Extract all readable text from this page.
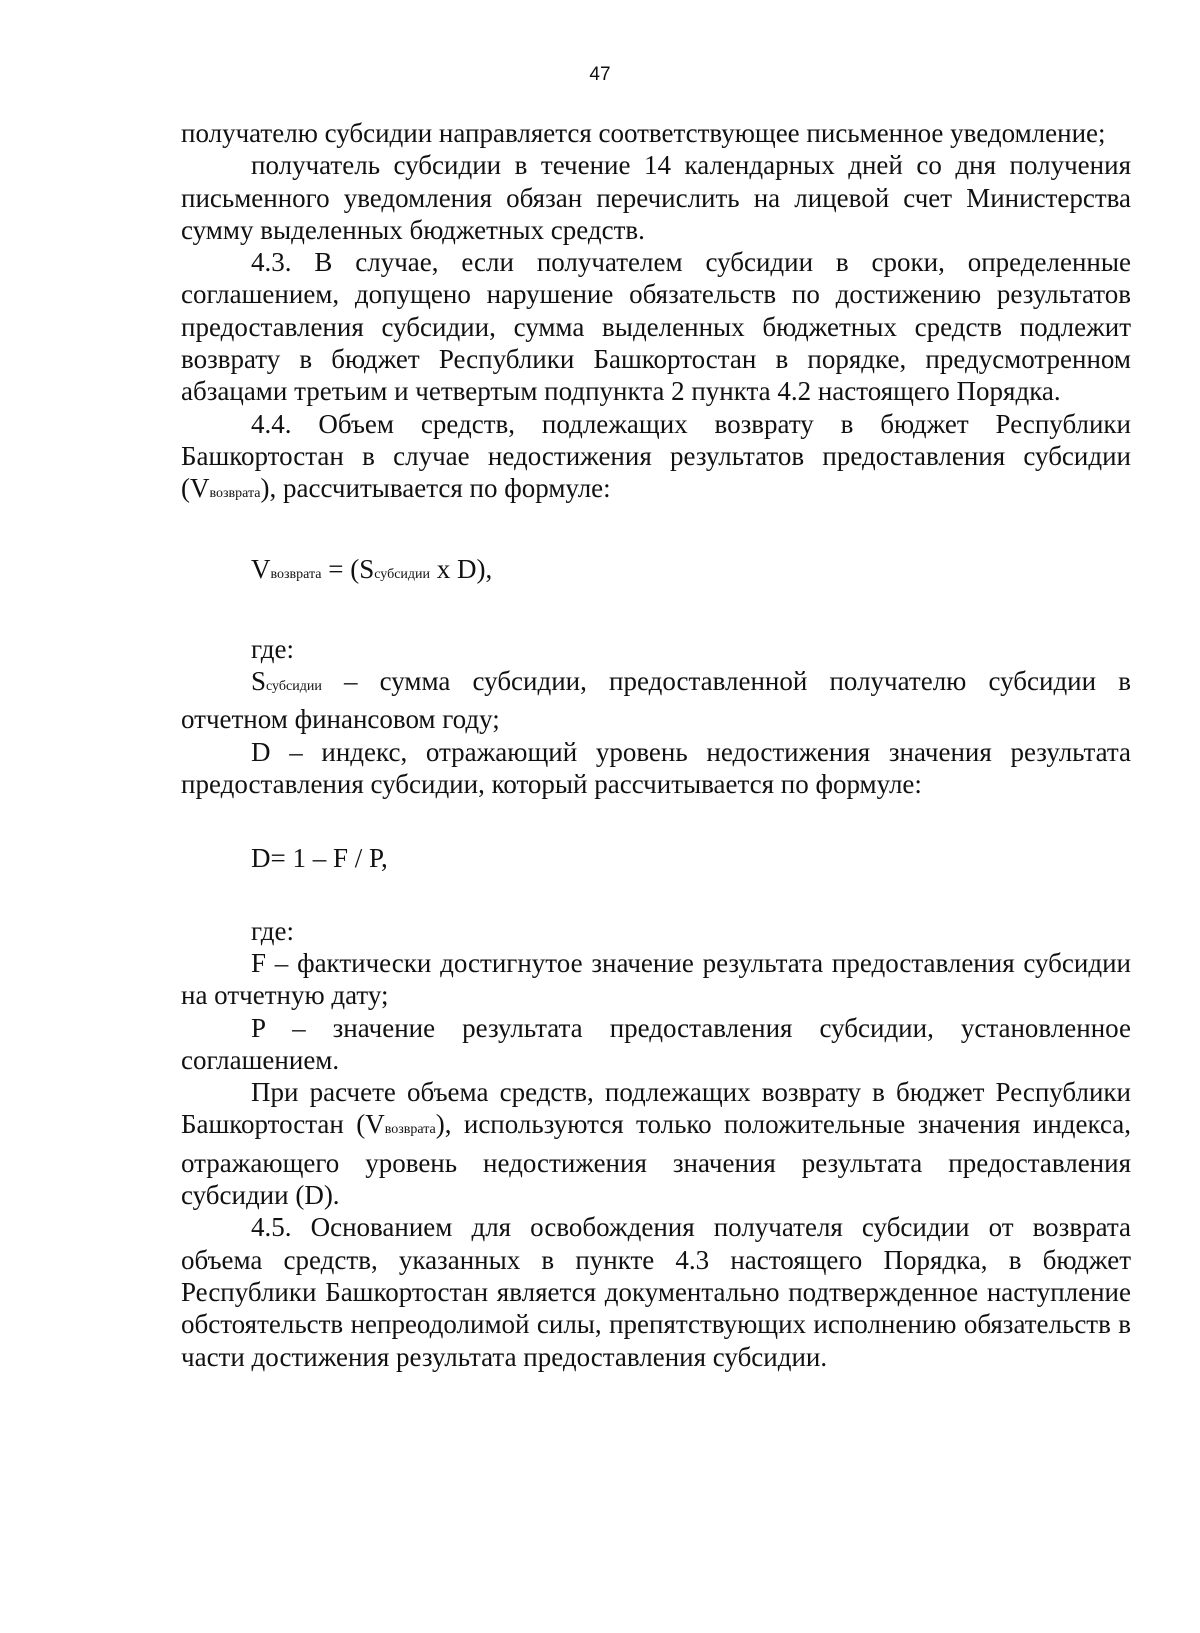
47

получателю субсидии направляется соответствующее письменное уведомление;

получатель субсидии в течение 14 календарных дней со дня получения письменного уведомления обязан перечислить на лицевой счет Министерства сумму выделенных бюджетных средств.

4.3. В случае, если получателем субсидии в сроки, определенные соглашением, допущено нарушение обязательств по достижению результатов предоставления субсидии, сумма выделенных бюджетных средств подлежит возврату в бюджет Республики Башкортостан в порядке, предусмотренном абзацами третьим и четвертым подпункта 2 пункта 4.2 настоящего Порядка.

4.4. Объем средств, подлежащих возврату в бюджет Республики Башкортостан в случае недостижения результатов предоставления субсидии (Vвозврата), рассчитывается по формуле:

Vвозврата = (Sсубсидии x D),

где:

Sсубсидии – сумма субсидии, предоставленной получателю субсидии в отчетном финансовом году;

D – индекс, отражающий уровень недостижения значения результата предоставления субсидии, который рассчитывается по формуле:

D= 1 – F / P,

где:

F – фактически достигнутое значение результата предоставления субсидии на отчетную дату;

P – значение результата предоставления субсидии, установленное соглашением.

При расчете объема средств, подлежащих возврату в бюджет Республики Башкортостан (Vвозврата), используются только положительные значения индекса, отражающего уровень недостижения значения результата предоставления субсидии (D).

4.5. Основанием для освобождения получателя субсидии от возврата объема средств, указанных в пункте 4.3 настоящего Порядка, в бюджет Республики Башкортостан является документально подтвержденное наступление обстоятельств непреодолимой силы, препятствующих исполнению обязательств в части достижения результата предоставления субсидии.
